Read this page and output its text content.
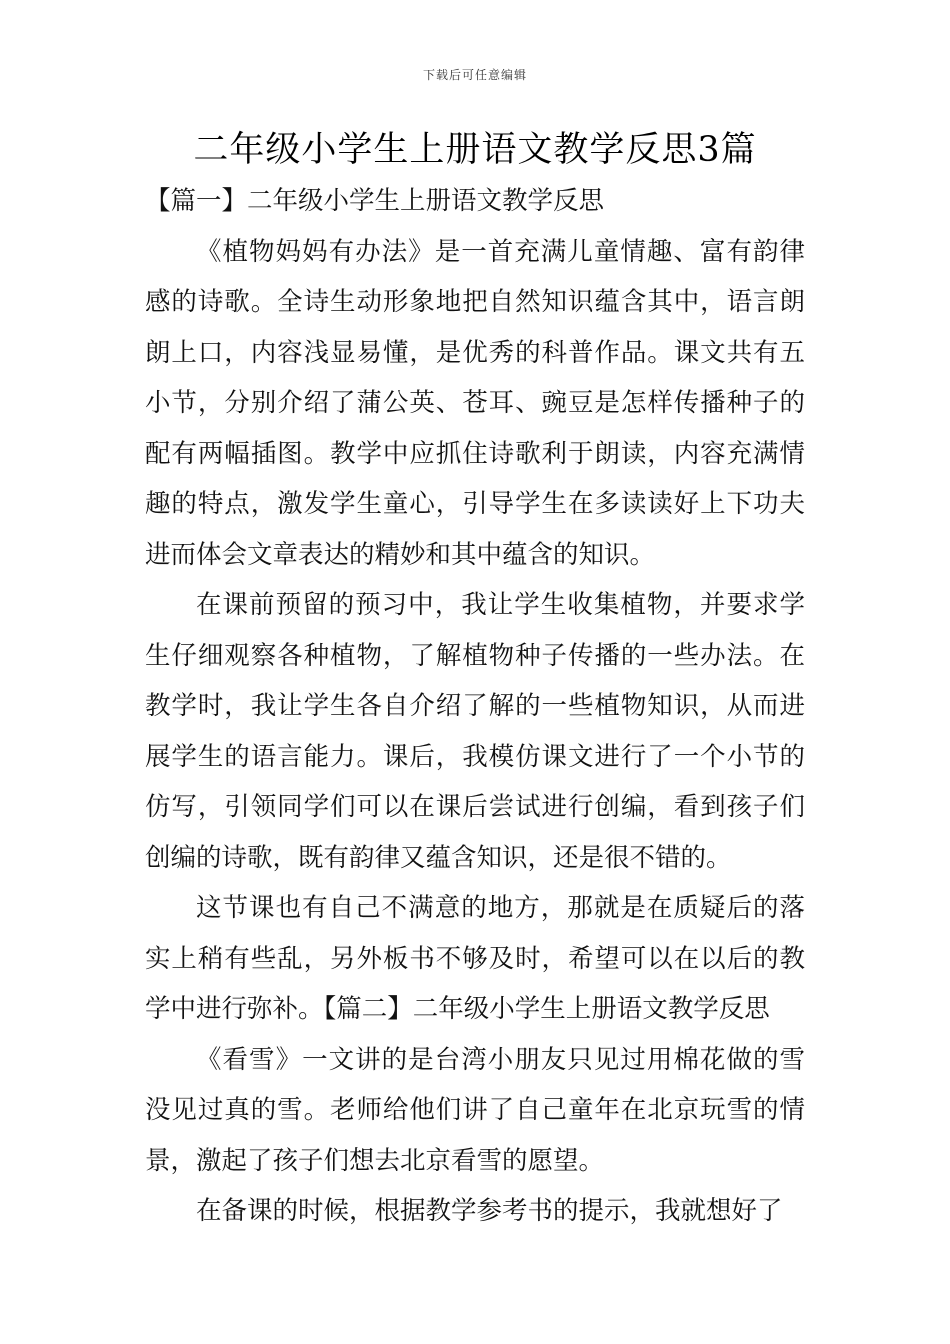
下载后可任意编辑
二年级小学生上册语文教学反思3篇
【篇一】二年级小学生上册语文教学反思

《植物妈妈有办法》是一首充满儿童情趣、富有韵律感的诗歌。全诗生动形象地把自然知识蕴含其中，语言朗朗上口，内容浅显易懂，是优秀的科普作品。课文共有五小节，分别介绍了蒲公英、苍耳、豌豆是怎样传播种子的配有两幅插图。教学中应抓住诗歌利于朗读，内容充满情趣的特点，激发学生童心，引导学生在多读读好上下功夫进而体会文章表达的精妙和其中蕴含的知识。

在课前预留的预习中，我让学生收集植物，并要求学生仔细观察各种植物，了解植物种子传播的一些办法。在教学时，我让学生各自介绍了解的一些植物知识，从而进展学生的语言能力。课后，我模仿课文进行了一个小节的仿写，引领同学们可以在课后尝试进行创编，看到孩子们创编的诗歌，既有韵律又蕴含知识，还是很不错的。

这节课也有自己不满意的地方，那就是在质疑后的落实上稍有些乱，另外板书不够及时，希望可以在以后的教学中进行弥补。【篇二】二年级小学生上册语文教学反思

《看雪》一文讲的是台湾小朋友只见过用棉花做的雪没见过真的雪。老师给他们讲了自己童年在北京玩雪的情景，激起了孩子们想去北京看雪的愿望。

在备课的时候，根据教学参考书的提示，我就想好了
